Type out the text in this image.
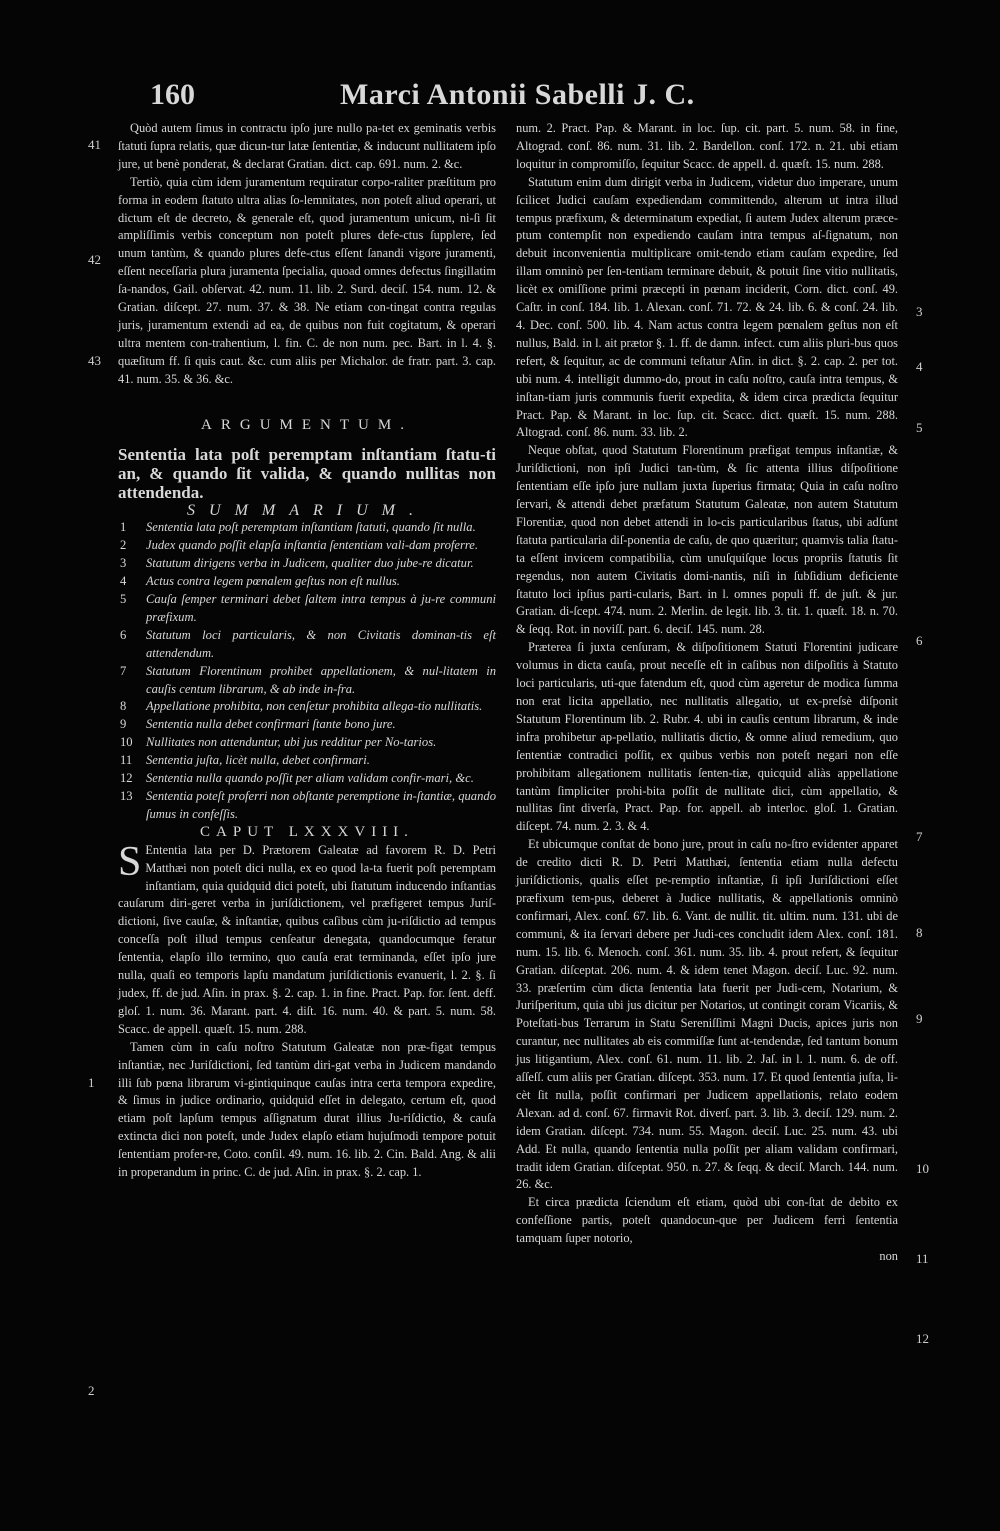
160	Marci Antonii Sabelli J. C.
41
42
43
1
2
3
4
5
6
7
8
9
10
11
12

Quòd autem ſimus in contractu ipſo jure nullo pa-tet ex geminatis verbis ſtatuti ſupra relatis, quæ dicun-tur latæ ſententiæ, & inducunt nullitatem ipſo jure, ut benè ponderat, & declarat Gratian. dict. cap. 691. num. 2. &c.

Tertiò, quia cùm idem juramentum requiratur corpo-raliter præſtitum pro forma in eodem ſtatuto ultra alias ſo-lemnitates, non poteſt aliud operari, ut dictum eſt de decreto, & generale eſt, quod juramentum unicum, ni-ſi ſit ampliſſimis verbis conceptum non poteſt plures defe-ctus ſupplere, ſed unum tantùm, & quando plures defe-ctus eſſent ſanandi vigore juramenti, eſſent neceſſaria plura juramenta ſpecialia, quoad omnes defectus ſingillatim ſa-nandos, Gail. obſervat. 42. num. 11. lib. 2. Surd. deciſ. 154. num. 12. & Gratian. diſcept. 27. num. 37. & 38. Ne etiam con-tingat contra regulas juris, juramentum extendi ad ea, de quibus non fuit cogitatum, & operari ultra mentem con-trahentium, l. fin. C. de non num. pec. Bart. in l. 4. §. quæſitum ff. ſi quis caut. &c. cum aliis per Michalor. de fratr. part. 3. cap. 41. num. 35. & 36. &c.

ARGUMENTUM.

Sententia lata poſt peremptam inſtantiam ſtatu-ti an, & quando ſit valida, & quando nullitas non attendenda.

SUMMARIUM.

1 Sententia lata poſt peremptam inſtantiam ſtatuti, quando ſit nulla.
2 Judex quando poſſit elapſa inſtantia ſententiam vali-dam proferre.
3 Statutum dirigens verba in Judicem, qualiter duo jube-re dicatur.
4 Actus contra legem pœnalem geſtus non eſt nullus.
5 Cauſa ſemper terminari debet ſaltem intra tempus à ju-re communi præfixum.
6 Statutum loci particularis, & non Civitatis dominan-tis eſt attendendum.
7 Statutum Florentinum prohibet appellationem, & nul-litatem in cauſis centum librarum, & ab inde in-fra.
8 Appellatione prohibita, non cenſetur prohibita allega-tio nullitatis.
9 Sententia nulla debet confirmari ſtante bono jure.
10 Nullitates non attenduntur, ubi jus redditur per No-tarios.
11 Sententia juſta, licèt nulla, debet confirmari.
12 Sententia nulla quando poſſit per aliam validam confir-mari, &c.
13 Sententia poteſt proferri non obſtante peremptione in-ſtantiæ, quando ſumus in confeſſis.

CAPUT LXXXVIII.

S Ententia lata per D. Prætorem Galeatæ ad favorem R. D. Petri Matthæi non poteſt dici nulla, ex eo quod la-ta fuerit poſt peremptam inſtantiam, quia quidquid dici poteſt, ubi ſtatutum inducendo inſtantias cauſarum diri-geret verba in juriſdictionem, vel præfigeret tempus Juriſ-dictioni, ſive cauſæ, & inſtantiæ, quibus caſibus cùm ju-riſdictio ad tempus conceſſa poſt illud tempus cenſeatur denegata, quandocumque feratur ſententia, elapſo illo termino, quo cauſa erat terminanda, eſſet ipſo jure nulla, quaſi eo temporis lapſu mandatum juriſdictionis evanuerit, l. 2. §. ſi judex, ff. de jud. Aſin. in prax. §. 2. cap. 1. in fine. Pract. Pap. for. ſent. deff. gloſ. 1. num. 36. Marant. part. 4. diſt. 16. num. 40. & part. 5. num. 58. Scacc. de appell. quæſt. 15. num. 288.

Tamen cùm in caſu noſtro Statutum Galeatæ non præ-figat tempus inſtantiæ, nec Juriſdictioni, ſed tantùm diri-gat verba in Judicem mandando illi ſub pœna librarum vi-gintiquinque cauſas intra certa tempora expedire, & ſimus in judice ordinario, quidquid eſſet in delegato, certum eſt, quod etiam poſt lapſum tempus aſſignatum durat illius Ju-riſdictio, & cauſa extincta dici non poteſt, unde Judex elapſo etiam hujuſmodi tempore potuit ſententiam profer-re, Coto. conſil. 49. num. 16. lib. 2. Cin. Bald. Ang. & alii in properandum in princ. C. de jud. Aſin. in prax. §. 2. cap. 1.

num. 2. Pract. Pap. & Marant. in loc. ſup. cit. part. 5. num. 58. in fine, Altograd. conſ. 86. num. 31. lib. 2. Bardellon. conſ. 172. n. 21. ubi etiam loquitur in compromiſſo, ſequitur Scacc. de appell. d. quæſt. 15. num. 288.

Statutum enim dum dirigit verba in Judicem, videtur duo imperare, unum ſcilicet Judici cauſam expediendam committendo, alterum ut intra illud tempus præfixum, & determinatum expediat, ſi autem Judex alterum præce-ptum contempſit non expediendo cauſam intra tempus aſ-ſignatum, non debuit inconvenientia multiplicare omit-tendo etiam cauſam expedire, ſed illam omninò per ſen-tentiam terminare debuit, & potuit ſine vitio nullitatis, licèt ex omiſſione primi præcepti in pœnam inciderit, Corn. dict. conſ. 49. Caſtr. in conſ. 184. lib. 1. Alexan. conſ. 71. 72. & 24. lib. 6. & conſ. 24. lib. 4. Dec. conſ. 500. lib. 4. Nam actus contra legem pœnalem geſtus non eſt nullus, Bald. in l. ait prætor §. 1. ff. de damn. infect. cum aliis pluri-bus quos refert, & ſequitur, ac de communi teſtatur Aſin. in dict. §. 2. cap. 2. per tot. ubi num. 4. intelligit dummo-do, prout in caſu noſtro, cauſa intra tempus, & inſtan-tiam juris communis fuerit expedita, & idem circa prædicta ſequitur Pract. Pap. & Marant. in loc. ſup. cit. Scacc. dict. quæſt. 15. num. 288. Altograd. conſ. 86. num. 33. lib. 2.

Neque obſtat, quod Statutum Florentinum præfigat tempus inſtantiæ, & Juriſdictioni, non ipſi Judici tan-tùm, & ſic attenta illius diſpoſitione ſententiam eſſe ipſo jure nullam juxta ſuperius firmata; Quia in caſu noſtro ſervari, & attendi debet præfatum Statutum Galeatæ, non autem Statutum Florentiæ, quod non debet attendi in lo-cis particularibus ſtatus, ubi adſunt ſtatuta particularia diſ-ponentia de caſu, de quo quæritur; quamvis talia ſtatu-ta eſſent invicem compatibilia, cùm unuſquiſque locus propriis ſtatutis ſit regendus, non autem Civitatis domi-nantis, niſi in ſubſidium deficiente ſtatuto loci ipſius parti-cularis, Bart. in l. omnes populi ff. de juſt. & jur. Gratian. di-ſcept. 474. num. 2. Merlin. de legit. lib. 3. tit. 1. quæſt. 18. n. 70. & ſeqq. Rot. in noviſſ. part. 6. deciſ. 145. num. 28.

Præterea ſi juxta cenſuram, & diſpoſitionem Statuti Florentini judicare volumus in dicta cauſa, prout neceſſe eſt in caſibus non diſpoſitis à Statuto loci particularis, uti-que fatendum eſt, quod cùm ageretur de modica ſumma non erat licita appellatio, nec nullitatis allegatio, ut ex-preſsè diſponit Statutum Florentinum lib. 2. Rubr. 4. ubi in cauſis centum librarum, & inde infra prohibetur ap-pellatio, nullitatis dictio, & omne aliud remedium, quo ſententiæ contradici poſſit, ex quibus verbis non poteſt negari non eſſe prohibitam allegationem nullitatis ſenten-tiæ, quicquid aliàs appellatione tantùm ſimpliciter prohi-bita poſſit de nullitate dici, cùm appellatio, & nullitas ſint diverſa, Pract. Pap. for. appell. ab interloc. gloſ. 1. Gratian. diſcept. 74. num. 2. 3. & 4.

Et ubicumque conſtat de bono jure, prout in caſu no-ſtro evidenter apparet de credito dicti R. D. Petri Matthæi, ſententia etiam nulla defectu juriſdictionis, qualis eſſet pe-remptio inſtantiæ, ſi ipſi Juriſdictioni eſſet præfixum tem-pus, deberet à Judice nullitatis, & appellationis omninò confirmari, Alex. conſ. 67. lib. 6. Vant. de nullit. tit. ultim. num. 131. ubi de communi, & ita ſervari debere per Judi-ces concludit idem Alex. conſ. 181. num. 15. lib. 6. Menoch. conſ. 361. num. 35. lib. 4. prout refert, & ſequitur Gratian. diſceptat. 206. num. 4. & idem tenet Magon. deciſ. Luc. 92. num. 33. præſertim cùm dicta ſententia lata fuerit per Judi-cem, Notarium, & Juriſperitum, quia ubi jus dicitur per Notarios, ut contingit coram Vicariis, & Poteſtati-bus Terrarum in Statu Sereniſſimi Magni Ducis, apices juris non curantur, nec nullitates ab eis commiſſæ ſunt at-tendendæ, ſed tantum bonum jus litigantium, Alex. conſ. 61. num. 11. lib. 2. Jaſ. in l. 1. num. 6. de off. aſſeſſ. cum aliis per Gratian. diſcept. 353. num. 17. Et quod ſententia juſta, li-cèt ſit nulla, poſſit confirmari per Judicem appellationis, relato eodem Alexan. ad d. conſ. 67. firmavit Rot. diverſ. part. 3. lib. 3. deciſ. 129. num. 2. idem Gratian. diſcept. 734. num. 55. Magon. deciſ. Luc. 25. num. 43. ubi Add. Et nulla, quando ſententia nulla poſſit per aliam validam confirmari, tradit idem Gratian. diſceptat. 950. n. 27. & ſeqq. & deciſ. March. 144. num. 26. &c.

Et circa prædicta ſciendum eſt etiam, quòd ubi con-ſtat de debito ex confeſſione partis, poteſt quandocun-que per Judicem ferri ſententia tamquam ſuper notorio,

non
